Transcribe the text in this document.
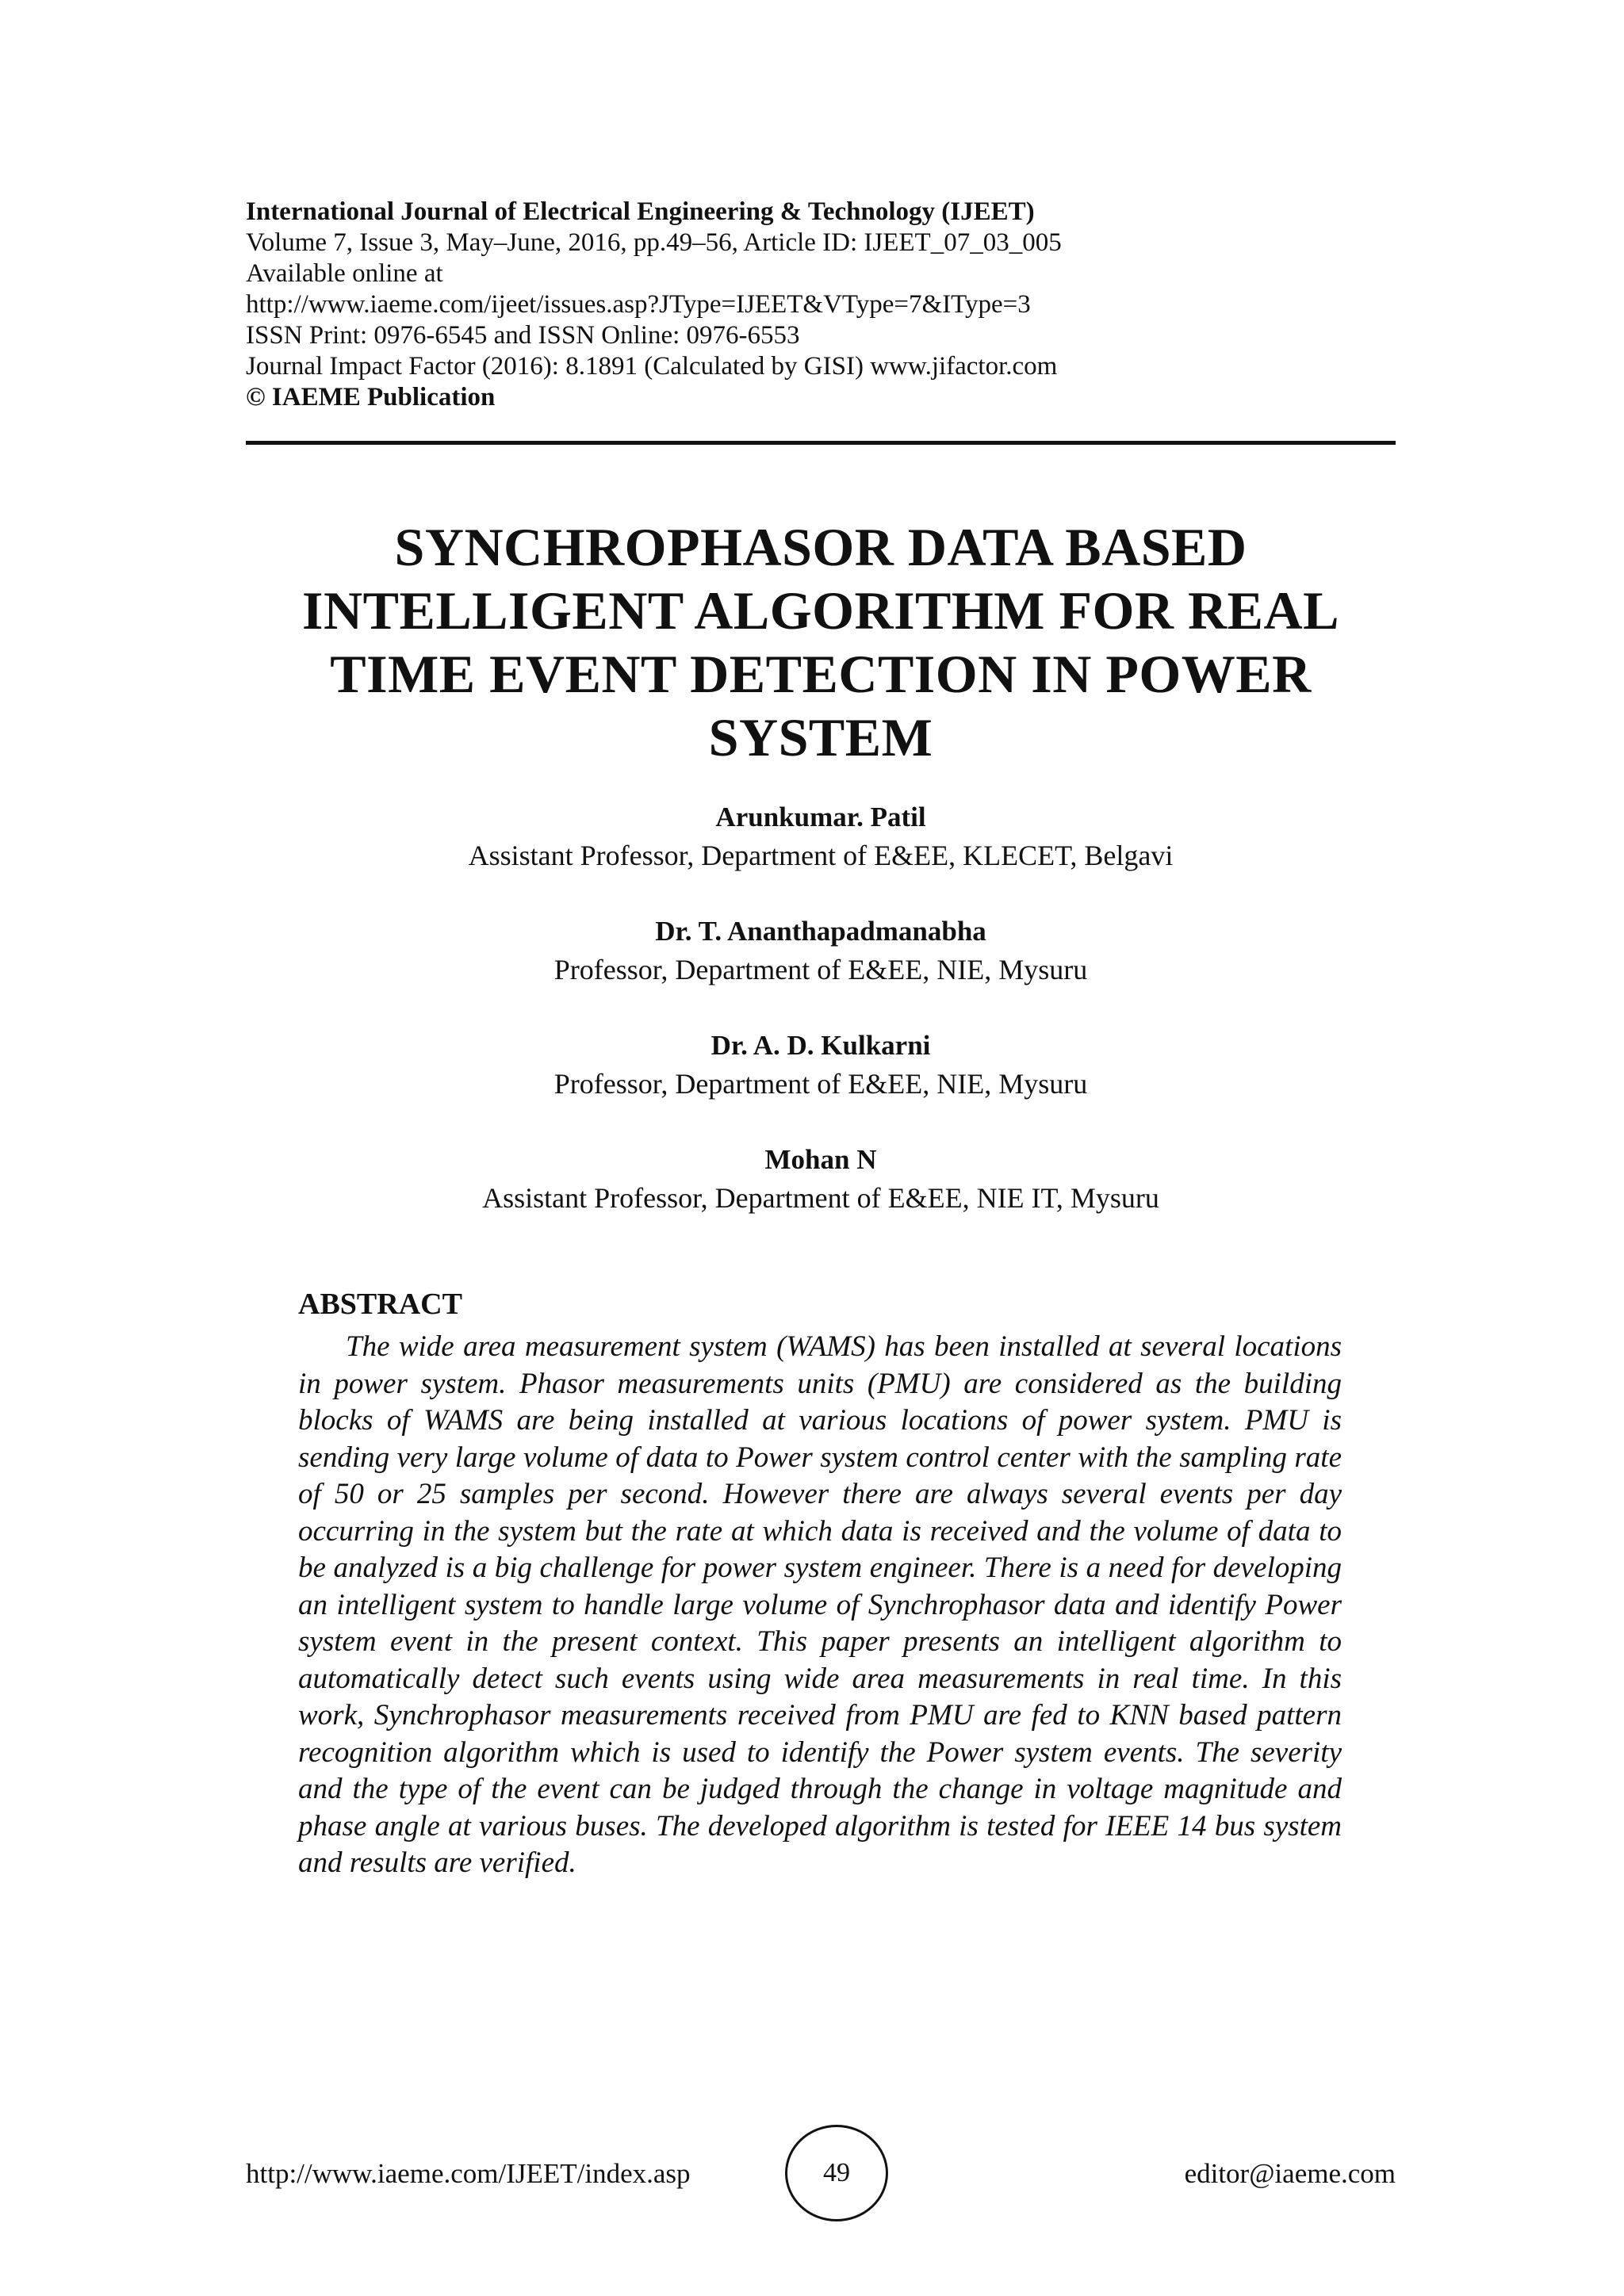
International Journal of Electrical Engineering & Technology (IJEET)
Volume 7, Issue 3, May–June, 2016, pp.49–56, Article ID: IJEET_07_03_005
Available online at
http://www.iaeme.com/ijeet/issues.asp?JType=IJEET&VType=7&IType=3
ISSN Print: 0976-6545 and ISSN Online: 0976-6553
Journal Impact Factor (2016): 8.1891 (Calculated by GISI) www.jifactor.com
© IAEME Publication
SYNCHROPHASOR DATA BASED
INTELLIGENT ALGORITHM FOR REAL
TIME EVENT DETECTION IN POWER
SYSTEM
Arunkumar. Patil
Assistant Professor, Department of E&EE, KLECET, Belgavi
Dr. T. Ananthapadmanabha
Professor, Department of E&EE, NIE, Mysuru
Dr. A. D. Kulkarni
Professor, Department of E&EE, NIE, Mysuru
Mohan N
Assistant Professor, Department of E&EE, NIE IT, Mysuru
ABSTRACT
The wide area measurement system (WAMS) has been installed at several locations in power system. Phasor measurements units (PMU) are considered as the building blocks of WAMS are being installed at various locations of power system. PMU is sending very large volume of data to Power system control center with the sampling rate of 50 or 25 samples per second. However there are always several events per day occurring in the system but the rate at which data is received and the volume of data to be analyzed is a big challenge for power system engineer. There is a need for developing an intelligent system to handle large volume of Synchrophasor data and identify Power system event in the present context. This paper presents an intelligent algorithm to automatically detect such events using wide area measurements in real time. In this work, Synchrophasor measurements received from PMU are fed to KNN based pattern recognition algorithm which is used to identify the Power system events. The severity and the type of the event can be judged through the change in voltage magnitude and phase angle at various buses. The developed algorithm is tested for IEEE 14 bus system and results are verified.
http://www.iaeme.com/IJEET/index.asp	49	editor@iaeme.com
